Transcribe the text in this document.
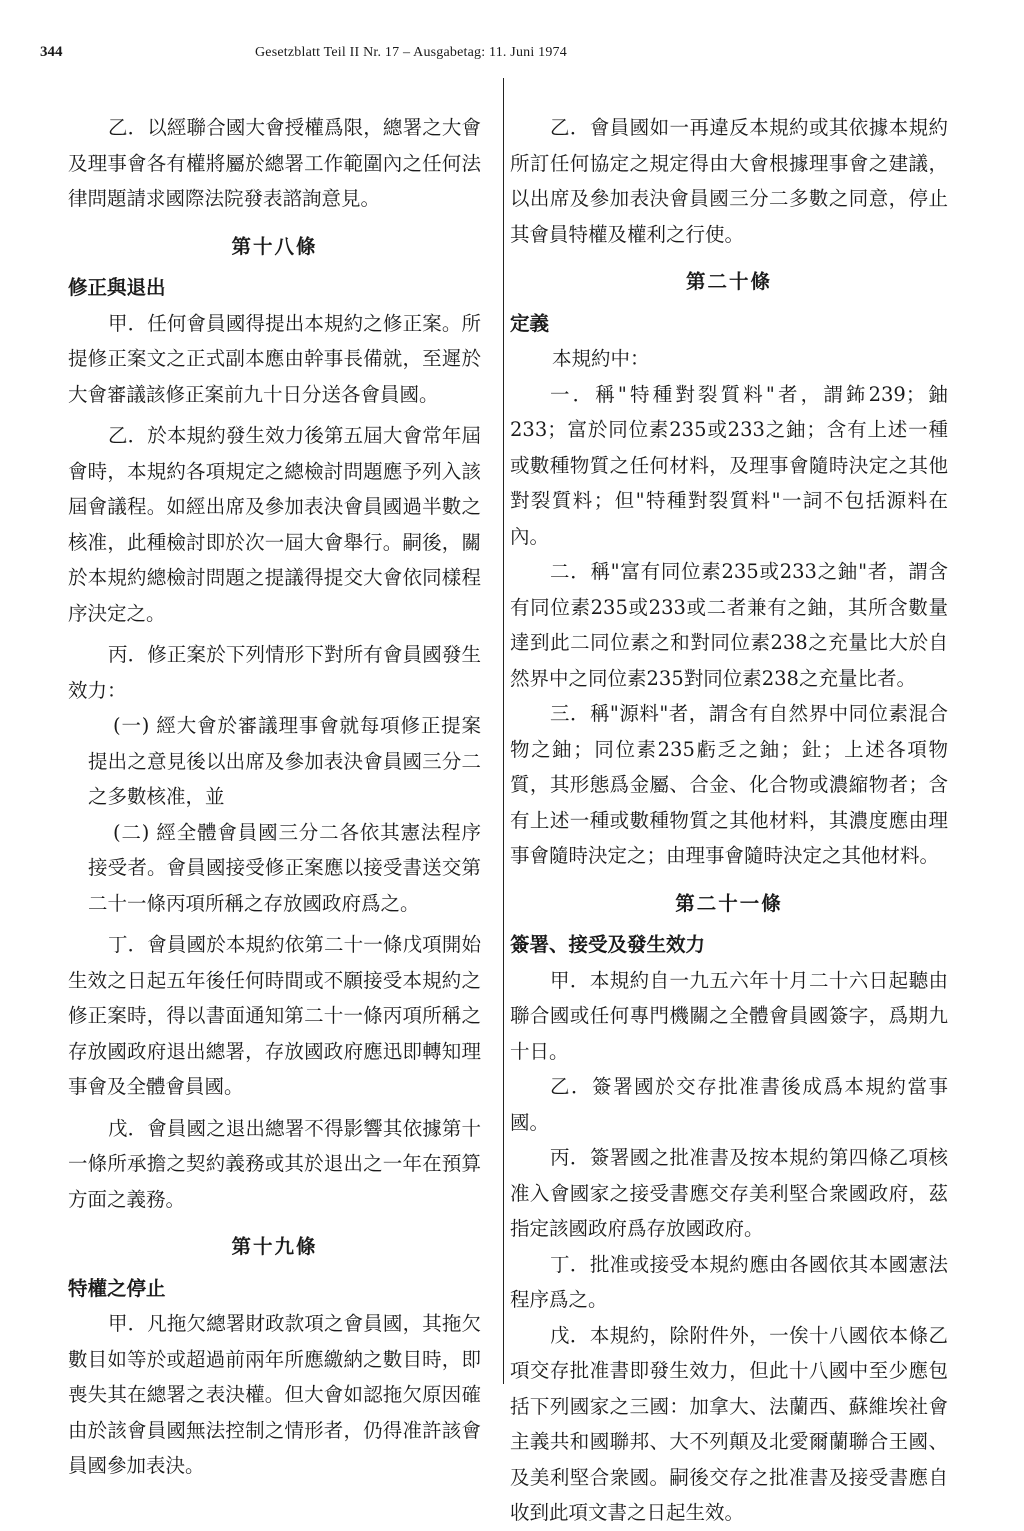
344	Gesetzblatt Teil II Nr. 17 – Ausgabetag: 11. Juni 1974

乙．以經聯合國大會授權爲限，總署之大會及理事會各有權將屬於總署工作範圍內之任何法律問題請求國際法院發表諮詢意見。

第十八條

修正與退出

甲．任何會員國得提出本規約之修正案。所提修正案文之正式副本應由幹事長備就，至遲於大會審議該修正案前九十日分送各會員國。

乙．於本規約發生效力後第五屆大會常年屆會時，本規約各項規定之總檢討問題應予列入該屆會議程。如經出席及參加表決會員國過半數之核准，此種檢討即於次一屆大會舉行。嗣後，關於本規約總檢討問題之提議得提交大會依同樣程序決定之。

丙．修正案於下列情形下對所有會員國發生效力：

(一) 經大會於審議理事會就每項修正提案提出之意見後以出席及參加表決會員國三分二之多數核准，並

(二) 經全體會員國三分二各依其憲法程序接受者。會員國接受修正案應以接受書送交第二十一條丙項所稱之存放國政府爲之。

丁．會員國於本規約依第二十一條戊項開始生效之日起五年後任何時間或不願接受本規約之修正案時，得以書面通知第二十一條丙項所稱之存放國政府退出總署，存放國政府應迅即轉知理事會及全體會員國。

戊．會員國之退出總署不得影響其依據第十一條所承擔之契約義務或其於退出之一年在預算方面之義務。

第十九條

特權之停止

甲．凡拖欠總署財政款項之會員國，其拖欠數目如等於或超過前兩年所應繳納之數目時，即喪失其在總署之表決權。但大會如認拖欠原因確由於該會員國無法控制之情形者，仍得准許該會員國參加表決。

乙．會員國如一再違反本規約或其依據本規約所訂任何協定之規定得由大會根據理事會之建議，以出席及參加表決會員國三分二多數之同意，停止其會員特權及權利之行使。

第二十條

定義

本規約中：

一．稱"特種對裂質料"者，謂鈽239；鈾233；富於同位素235或233之鈾；含有上述一種或數種物質之任何材料，及理事會隨時決定之其他對裂質料；但"特種對裂質料"一詞不包括源料在內。

二．稱"富有同位素235或233之鈾"者，謂含有同位素235或233或二者兼有之鈾，其所含數量達到此二同位素之和對同位素238之充量比大於自然界中之同位素235對同位素238之充量比者。

三．稱"源料"者，謂含有自然界中同位素混合物之鈾；同位素235虧乏之鈾；釷；上述各項物質，其形態爲金屬、合金、化合物或濃縮物者；含有上述一種或數種物質之其他材料，其濃度應由理事會隨時決定之；由理事會隨時決定之其他材料。

第二十一條

簽署、接受及發生效力

甲．本規約自一九五六年十月二十六日起聽由聯合國或任何專門機關之全體會員國簽字，爲期九十日。

乙．簽署國於交存批准書後成爲本規約當事國。

丙．簽署國之批准書及按本規約第四條乙項核准入會國家之接受書應交存美利堅合衆國政府，茲指定該國政府爲存放國政府。

丁．批准或接受本規約應由各國依其本國憲法程序爲之。

戊．本規約，除附件外，一俟十八國依本條乙項交存批准書即發生效力，但此十八國中至少應包括下列國家之三國：加拿大、法蘭西、蘇維埃社會主義共和國聯邦、大不列顛及北愛爾蘭聯合王國、及美利堅合衆國。嗣後交存之批准書及接受書應自收到此項文書之日起生效。
